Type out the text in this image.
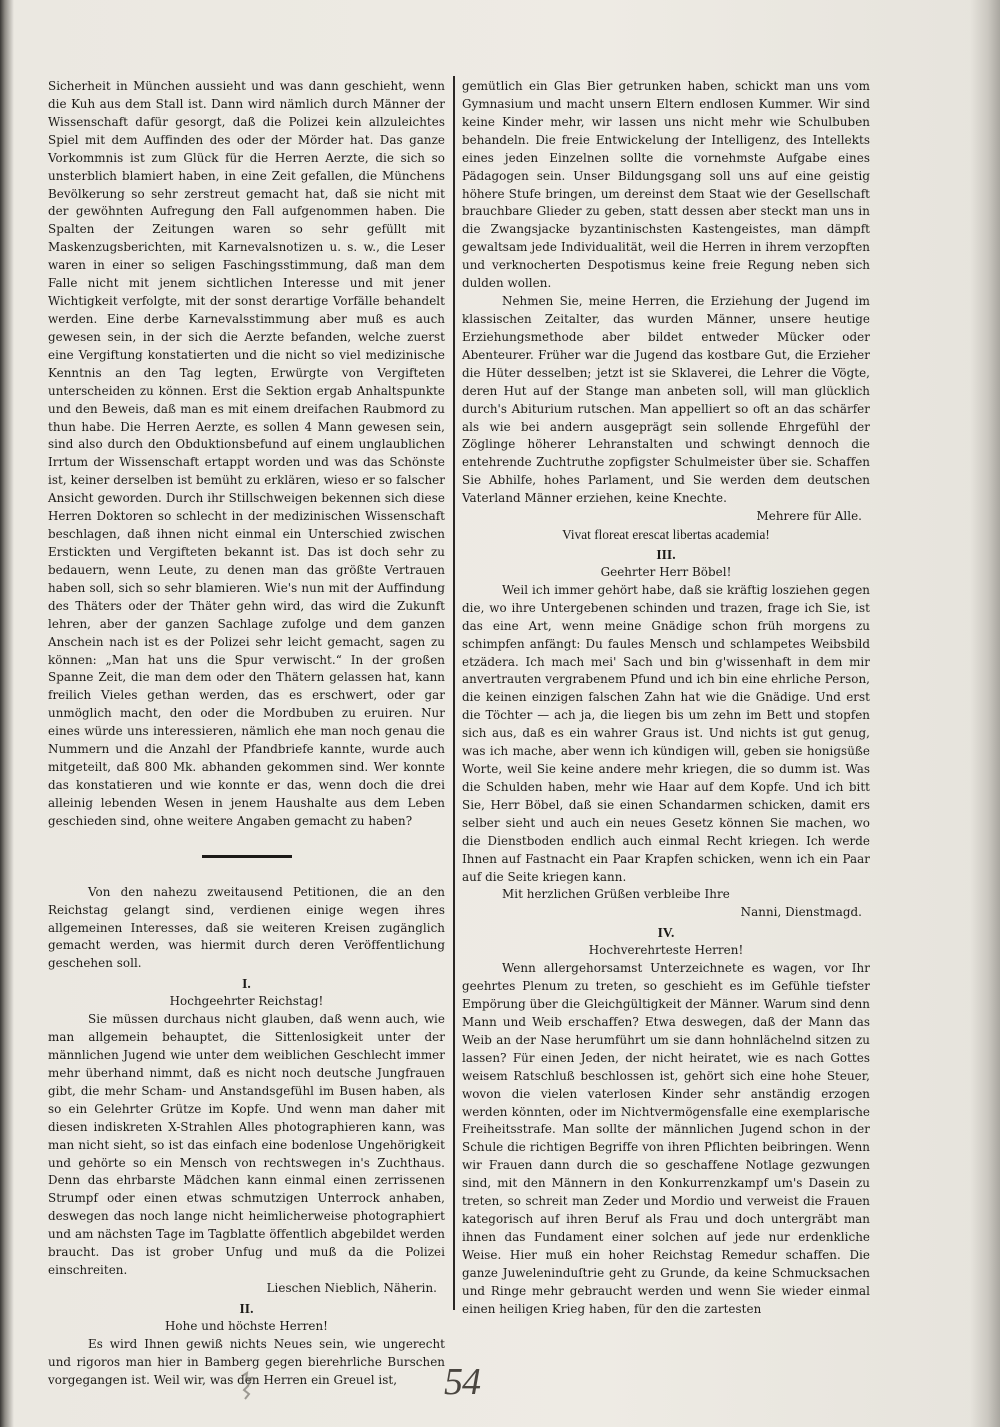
Sicherheit in München aussieht und was dann geschieht, wenn die Kuh aus dem Stall ist. Dann wird nämlich durch Männer der Wissenschaft dafür gesorgt, daß die Polizei kein allzuleichtes Spiel mit dem Auffinden des oder der Mörder hat. Das ganze Vorkommnis ist zum Glück für die Herren Aerzte, die sich so unsterblich blamiert haben, in eine Zeit gefallen, die Münchens Bevölkerung so sehr zerstreut gemacht hat, daß sie nicht mit der gewöhnten Aufregung den Fall aufgenommen haben. Die Spalten der Zeitungen waren so sehr gefüllt mit Maskenzugsberichten, mit Karnevalsnotizen u. s. w., die Leser waren in einer so seligen Faschingsstimmung, daß man dem Falle nicht mit jenem sichtlichen Interesse und mit jener Wichtigkeit verfolgte, mit der sonst derartige Vorfälle behandelt werden. Eine derbe Karnevalsstimmung aber muß es auch gewesen sein, in der sich die Aerzte befanden, welche zuerst eine Vergiftung konstatierten und die nicht so viel medizinische Kenntnis an den Tag legten, Erwürgte von Vergifteten unterscheiden zu können. Erst die Sektion ergab Anhaltspunkte und den Beweis, daß man es mit einem dreifachen Raubmord zu thun habe. Die Herren Aerzte, es sollen 4 Mann gewesen sein, sind also durch den Obduktionsbefund auf einem unglaublichen Irrtum der Wissenschaft ertappt worden und was das Schönste ist, keiner derselben ist bemüht zu erklären, wieso er so falscher Ansicht geworden. Durch ihr Stillschweigen bekennen sich diese Herren Doktoren so schlecht in der medizinischen Wissenschaft beschlagen, daß ihnen nicht einmal ein Unterschied zwischen Erstickten und Vergifteten bekannt ist. Das ist doch sehr zu bedauern, wenn Leute, zu denen man das größte Vertrauen haben soll, sich so sehr blamieren. Wie's nun mit der Auffindung des Thäters oder der Thäter gehn wird, das wird die Zukunft lehren, aber der ganzen Sachlage zufolge und dem ganzen Anschein nach ist es der Polizei sehr leicht gemacht, sagen zu können: „Man hat uns die Spur verwischt.“ In der großen Spanne Zeit, die man dem oder den Thätern gelassen hat, kann freilich Vieles gethan werden, das es erschwert, oder gar unmöglich macht, den oder die Mordbuben zu eruiren. Nur eines würde uns interessieren, nämlich ehe man noch genau die Nummern und die Anzahl der Pfandbriefe kannte, wurde auch mitgeteilt, daß 800 Mk. abhanden gekommen sind. Wer konnte das konstatieren und wie konnte er das, wenn doch die drei alleinig lebenden Wesen in jenem Haushalte aus dem Leben geschieden sind, ohne weitere Angaben gemacht zu haben?

Von den nahezu zweitausend Petitionen, die an den Reichstag gelangt sind, verdienen einige wegen ihres allgemeinen Interesses, daß sie weiteren Kreisen zugänglich gemacht werden, was hiermit durch deren Veröffentlichung geschehen soll.

I.

Hochgeehrter Reichstag!

Sie müssen durchaus nicht glauben, daß wenn auch, wie man allgemein behauptet, die Sittenlosigkeit unter der männlichen Jugend wie unter dem weiblichen Geschlecht immer mehr überhand nimmt, daß es nicht noch deutsche Jungfrauen gibt, die mehr Scham- und Anstandsgefühl im Busen haben, als so ein Gelehrter Grütze im Kopfe. Und wenn man daher mit diesen indiskreten X-Strahlen Alles photographieren kann, was man nicht sieht, so ist das einfach eine bodenlose Ungehörigkeit und gehörte so ein Mensch von rechtswegen in's Zuchthaus. Denn das ehrbarste Mädchen kann einmal einen zerrissenen Strumpf oder einen etwas schmutzigen Unterrock anhaben, deswegen das noch lange nicht heimlicherweise photographiert und am nächsten Tage im Tagblatte öffentlich abgebildet werden braucht. Das ist grober Unfug und muß da die Polizei einschreiten.

Lieschen Nieblich, Näherin.

II.

Hohe und höchste Herren!

Es wird Ihnen gewiß nichts Neues sein, wie ungerecht und rigoros man hier in Bamberg gegen bierehrliche Burschen vorgegangen ist. Weil wir, was den Herren ein Greuel ist,

gemütlich ein Glas Bier getrunken haben, schickt man uns vom Gymnasium und macht unsern Eltern endlosen Kummer. Wir sind keine Kinder mehr, wir lassen uns nicht mehr wie Schulbuben behandeln. Die freie Entwickelung der Intelligenz, des Intellekts eines jeden Einzelnen sollte die vornehmste Aufgabe eines Pädagogen sein. Unser Bildungsgang soll uns auf eine geistig höhere Stufe bringen, um dereinst dem Staat wie der Gesellschaft brauchbare Glieder zu geben, statt dessen aber steckt man uns in die Zwangsjacke byzantinischsten Kastengeistes, man dämpft gewaltsam jede Individualität, weil die Herren in ihrem verzopften und verknocherten Despotismus keine freie Regung neben sich dulden wollen.

Nehmen Sie, meine Herren, die Erziehung der Jugend im klassischen Zeitalter, das wurden Männer, unsere heutige Erziehungsmethode aber bildet entweder Mücker oder Abenteurer. Früher war die Jugend das kostbare Gut, die Erzieher die Hüter desselben; jetzt ist sie Sklaverei, die Lehrer die Vögte, deren Hut auf der Stange man anbeten soll, will man glücklich durch's Abiturium rutschen. Man appelliert so oft an das schärfer als wie bei andern ausgeprägt sein sollende Ehrgefühl der Zöglinge höherer Lehranstalten und schwingt dennoch die entehrende Zuchtruthe zopfigster Schulmeister über sie. Schaffen Sie Abhilfe, hohes Parlament, und Sie werden dem deutschen Vaterland Männer erziehen, keine Knechte.

Mehrere für Alle.

Vivat floreat erescat libertas academia!

III.

Geehrter Herr Böbel!

Weil ich immer gehört habe, daß sie kräftig losziehen gegen die, wo ihre Untergebenen schinden und trazen, frage ich Sie, ist das eine Art, wenn meine Gnädige schon früh morgens zu schimpfen anfängt: Du faules Mensch und schlampetes Weibsbild etzädera. Ich mach mei' Sach und bin g'wissenhaft in dem mir anvertrauten vergrabenem Pfund und ich bin eine ehrliche Person, die keinen einzigen falschen Zahn hat wie die Gnädige. Und erst die Töchter — ach ja, die liegen bis um zehn im Bett und stopfen sich aus, daß es ein wahrer Graus ist. Und nichts ist gut genug, was ich mache, aber wenn ich kündigen will, geben sie honigsüße Worte, weil Sie keine andere mehr kriegen, die so dumm ist. Was die Schulden haben, mehr wie Haar auf dem Kopfe. Und ich bitt Sie, Herr Böbel, daß sie einen Schandarmen schicken, damit ers selber sieht und auch ein neues Gesetz können Sie machen, wo die Dienstboden endlich auch einmal Recht kriegen. Ich werde Ihnen auf Fastnacht ein Paar Krapfen schicken, wenn ich ein Paar auf die Seite kriegen kann.

Mit herzlichen Grüßen verbleibe Ihre

Nanni, Dienstmagd.

IV.

Hochverehrteste Herren!

Wenn allergehorsamst Unterzeichnete es wagen, vor Ihr geehrtes Plenum zu treten, so geschieht es im Gefühle tiefster Empörung über die Gleichgültigkeit der Männer. Warum sind denn Mann und Weib erschaffen? Etwa deswegen, daß der Mann das Weib an der Nase herumführt um sie dann hohnlächelnd sitzen zu lassen? Für einen Jeden, der nicht heiratet, wie es nach Gottes weisem Ratschluß beschlossen ist, gehört sich eine hohe Steuer, wovon die vielen vaterlosen Kinder sehr anständig erzogen werden könnten, oder im Nichtvermögensfalle eine exemplarische Freiheitsstrafe. Man sollte der männlichen Jugend schon in der Schule die richtigen Begriffe von ihren Pflichten beibringen. Wenn wir Frauen dann durch die so geschaffene Notlage gezwungen sind, mit den Männern in den Konkurrenzkampf um's Dasein zu treten, so schreit man Zeder und Mordio und verweist die Frauen kategorisch auf ihren Beruf als Frau und doch untergräbt man ihnen das Fundament einer solchen auf jede nur erdenkliche Weise. Hier muß ein hoher Reichstag Remedur schaffen. Die ganze Juweleninduſtrie geht zu Grunde, da keine Schmucksachen und Ringe mehr gebraucht werden und wenn Sie wieder einmal einen heiligen Krieg haben, für den die zartesten

54
